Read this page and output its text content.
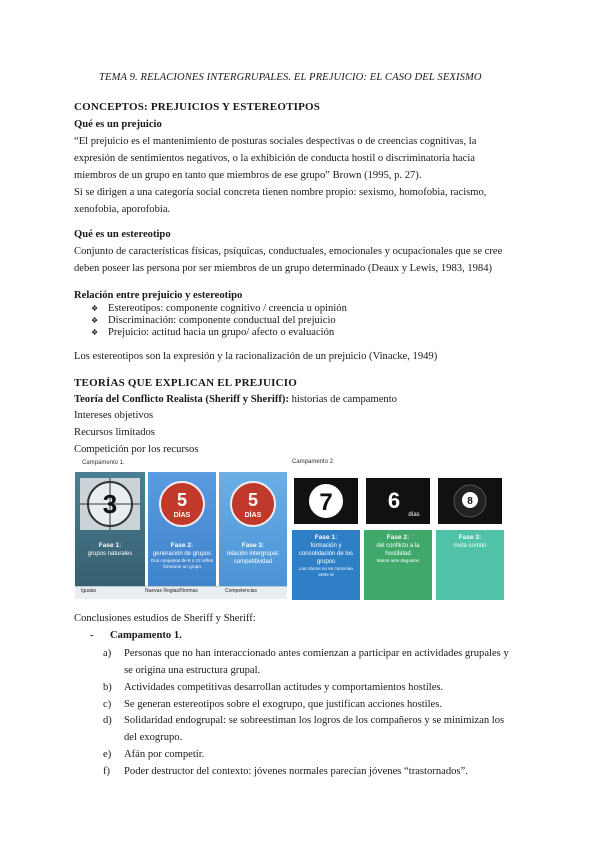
TEMA 9. RELACIONES INTERGRUPALES. EL PREJUICIO: EL CASO DEL SEXISMO
CONCEPTOS: PREJUICIOS Y ESTEREOTIPOS
Qué es un prejuicio
“El prejuicio es el mantenimiento de posturas sociales despectivas o de creencias cognitivas, la
expresión de sentimientos negativos, o la exhibición de conducta hostil o discriminatoria hacia
miembros de un grupo en tanto que miembros de ese grupo” Brown (1995, p. 27).
Si se dirigen a una categoría social concreta tienen nombre propio: sexismo, homofobia, racismo,
xenofobia, aporofobia.
Qué es un estereotipo
Conjunto de características físicas, psíquicas, conductuales, emocionales y ocupacionales que se cree
deben poseer las persona por ser miembros de un grupo determinado (Deaux y Lewis, 1983, 1984)
Relación entre prejuicio y estereotipo
❖ Estereotipos: componente cognitivo / creencia u opinión
❖ Discriminación: componente conductual del prejuicio
❖ Prejuicio: actitud hacia un grupo/ afecto o evaluación
Los estereotipos son la expresión y la racionalización de un prejuicio (Vinacke, 1949)
TEORÍAS QUE EXPLICAN EL PREJUICIO
Teoría del Conflicto Realista (Sheriff y Sheriff): historias de campamento
Intereses objetivos
Recursos limitados
Competición por los recursos
Campamento 1.	Campamento 2.
3
Fase 1:
grupos naturales
5
DÍAS
Fase 2:
generación de grupos
Dos conjuntos de 8 o 12 niños formaron un grupo
5
DÍAS
Fase 3:
relación intergrupal: competitividad
Igualar	Nuevas Reglas/Normas	Competencias
7	6
días
8
Fase 1:
formación y consolidación de los grupos
Los chicos no se conocían entre sí
Fase 2:
del conflicto a la hostilidad
Malos ante degastos
Fase 3:
meta común
Conclusiones estudios de Sheriff y Sheriff:
- Campamento 1.
a) Personas que no han interaccionado antes comienzan a participar en actividades grupales y
se origina una estructura grupal.
b) Actividades competitivas desarrollan actitudes y comportamientos hostiles.
c) Se generan estereotipos sobre el exogrupo, que justifican acciones hostiles.
d) Solidaridad endogrupal: se sobreestiman los logros de los compañeros y se minimizan los
del exogrupo.
e) Afán por competir.
f) Poder destructor del contexto: jóvenes normales parecían jóvenes “trastornados”.
